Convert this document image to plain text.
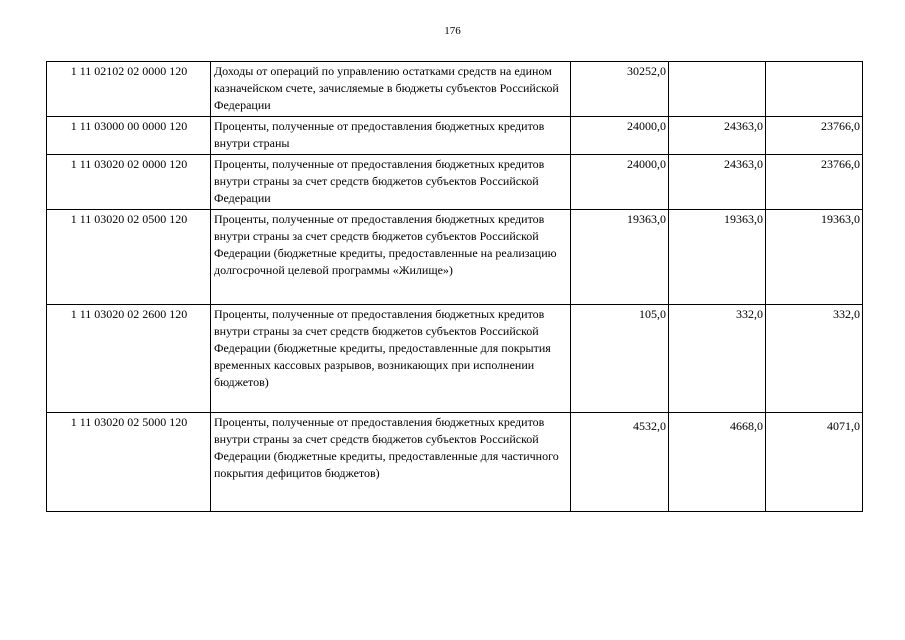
176
1 11 02102 02 0000 120	Доходы от операций по управлению остатками средств на едином казначейском счете, зачисляемые в бюджеты субъектов Российской Федерации	30252,0		
1 11 03000 00 0000 120	Проценты, полученные от предоставления бюджетных кредитов внутри страны	24000,0	24363,0	23766,0
1 11 03020 02 0000 120	Проценты, полученные от предоставления бюджетных кредитов внутри страны за счет средств бюджетов субъектов Российской Федерации	24000,0	24363,0	23766,0
1 11 03020 02 0500 120	Проценты, полученные от предоставления бюджетных кредитов внутри страны за счет средств бюджетов субъектов Российской Федерации (бюджетные кредиты, предоставленные на реализацию долгосрочной целевой программы «Жилище»)	19363,0	19363,0	19363,0
1 11 03020 02 2600 120	Проценты, полученные от предоставления бюджетных кредитов внутри страны за счет средств бюджетов субъектов Российской Федерации (бюджетные кредиты, предоставленные для покрытия временных кассовых разрывов, возникающих при исполнении бюджетов)	105,0	332,0	332,0
1 11 03020 02 5000 120	Проценты, полученные от предоставления бюджетных кредитов внутри страны за счет средств бюджетов субъектов Российской Федерации (бюджетные кредиты, предоставленные для частичного покрытия дефицитов бюджетов)	4532,0	4668,0	4071,0
